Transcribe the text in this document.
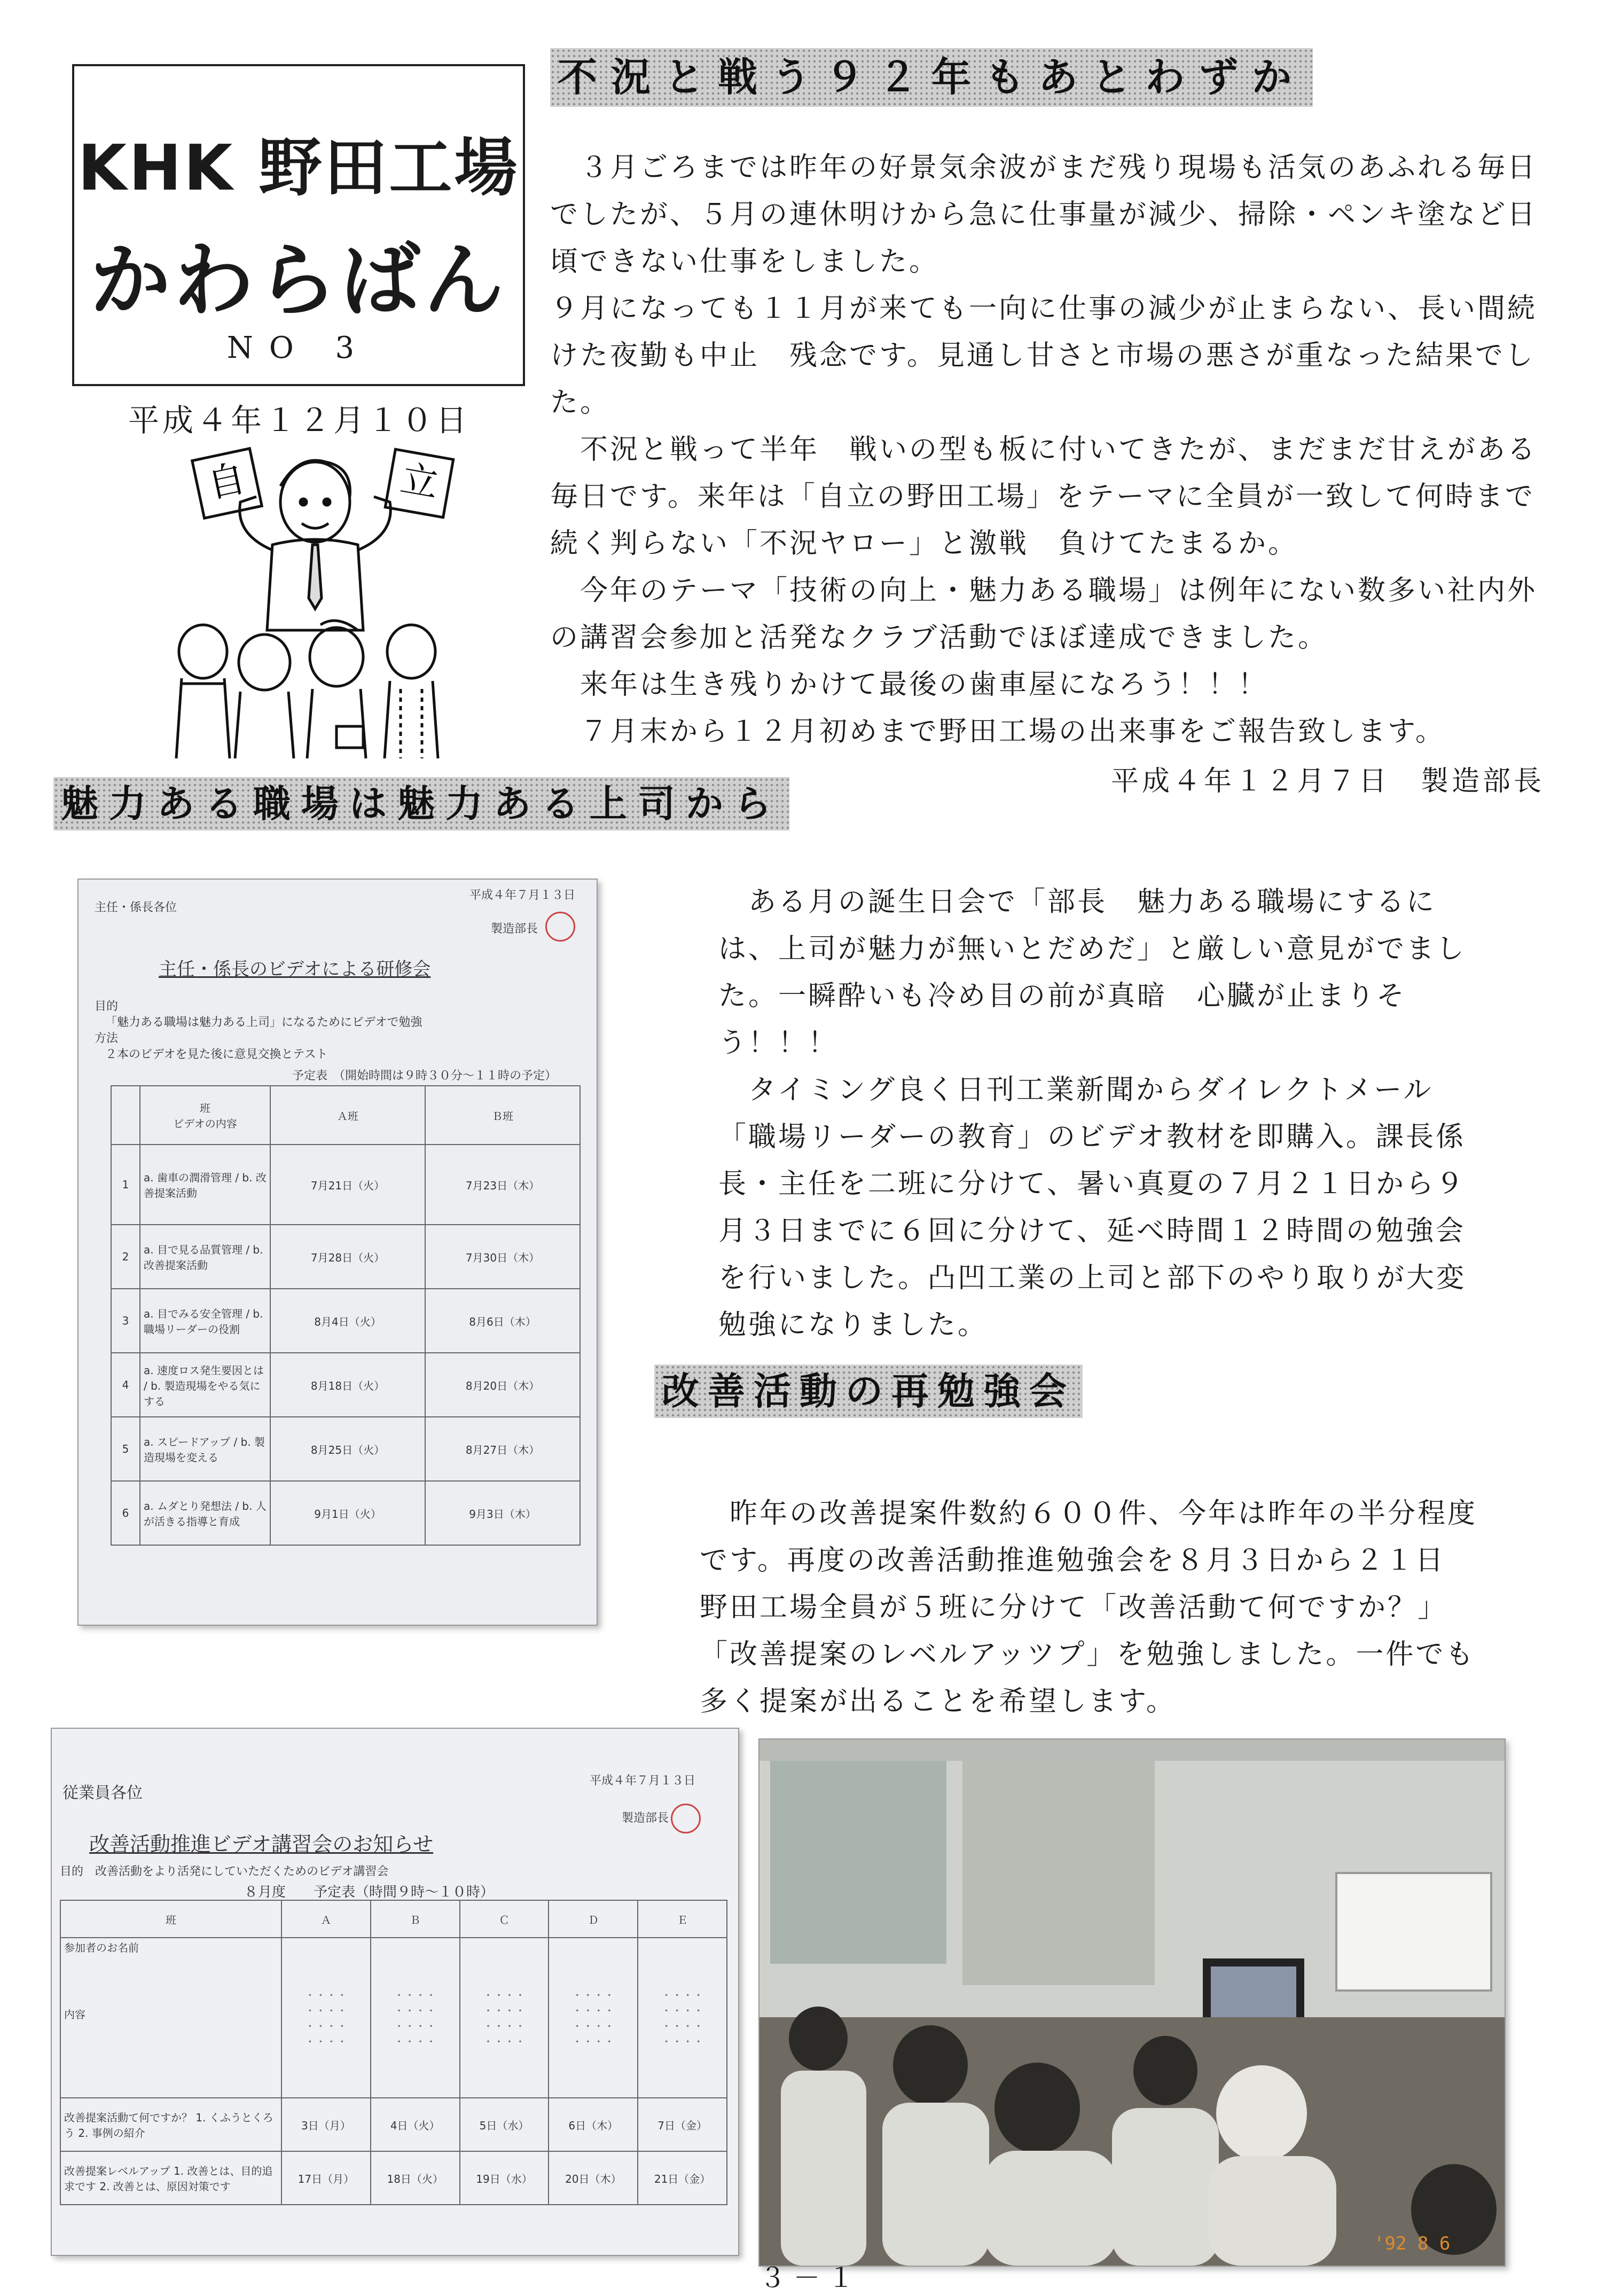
KHK 野田工場
かわらばん
NO 3
平成４年１２月１０日
自	立
不況と戦う９２年もあとわずか

　３月ごろまでは昨年の好景気余波がまだ残り現場も活気のあふれる毎日でしたが、５月の連休明けから急に仕事量が減少、掃除・ペンキ塗など日頃できない仕事をしました。

９月になっても１１月が来ても一向に仕事の減少が止まらない、長い間続けた夜勤も中止　残念です。見通し甘さと市場の悪さが重なった結果でした。

　不況と戦って半年　戦いの型も板に付いてきたが、まだまだ甘えがある毎日です。来年は「自立の野田工場」をテーマに全員が一致して何時まで続く判らない「不況ヤロー」と激戦　負けてたまるか。

　今年のテーマ「技術の向上・魅力ある職場」は例年にない数多い社内外の講習会参加と活発なクラブ活動でほぼ達成できました。

　来年は生き残りかけて最後の歯車屋になろう！！！

　７月末から１２月初めまで野田工場の出来事をご報告致します。

平成４年１２月７日　製造部長
魅力ある職場は魅力ある上司から

　ある月の誕生日会で「部長　魅力ある職場にするには、上司が魅力が無いとだめだ」と厳しい意見がでました。一瞬酔いも冷め目の前が真暗　心臓が止まりそう！！！

　タイミング良く日刊工業新聞からダイレクトメール「職場リーダーの教育」のビデオ教材を即購入。課長係長・主任を二班に分けて、暑い真夏の７月２１日から９月３日までに６回に分けて、延べ時間１２時間の勉強会を行いました。凸凹工業の上司と部下のやり取りが大変勉強になりました。

主任・係長各位
平成４年７月１３日
製造部長
主任・係長のビデオによる研修会
目的
「魅力ある職場は魅力ある上司」になるためにビデオで勉強
方法
２本のビデオを見た後に意見交換とテスト
予定表　（開始時間は９時３０分～１１時の予定）
	班
ビデオの内容	Ａ班	Ｂ班
1	a. 歯車の潤滑管理 / b. 改善提案活動	7月21日（火）	7月23日（木）
2	a. 目で見る品質管理 / b. 改善提案活動	7月28日（火）	7月30日（木）
3	a. 目でみる安全管理 / b. 職場リーダーの役割	8月4日（火）	8月6日（木）
4	a. 速度ロス発生要因とは / b. 製造現場をやる気にする	8月18日（火）	8月20日（木）
5	a. スピードアップ / b. 製造現場を変える	8月25日（火）	8月27日（木）
6	a. ムダとり発想法 / b. 人が活きる指導と育成	9月1日（火）	9月3日（木）
改善活動の再勉強会

　昨年の改善提案件数約６００件、今年は昨年の半分程度です。再度の改善活動推進勉強会を８月３日から２１日　野田工場全員が５班に分けて「改善活動て何ですか？」「改善提案のレベルアッツプ」を勉強しました。一件でも多く提案が出ることを希望します。

従業員各位
平成４年７月１３日
製造部長
改善活動推進ビデオ講習会のお知らせ
目的　改善活動をより活発にしていただくためのビデオ講習会
８月度　　予定表（時間９時～１０時）
班	Ａ	Ｂ	Ｃ	Ｄ	Ｅ
参加者のお名前

内容	・・・・
・・・・
・・・・
・・・・	・・・・
・・・・
・・・・
・・・・	・・・・
・・・・
・・・・
・・・・	・・・・
・・・・
・・・・
・・・・	・・・・
・・・・
・・・・
・・・・
改善提案活動て何ですか？ 1. くふうとくろう 2. 事例の紹介	3日（月）	4日（火）	5日（水）	6日（木）	7日（金）
改善提案レベルアップ 1. 改善とは、目的追求です 2. 改善とは、原因対策です	17日（月）	18日（火）	19日（水）	20日（木）	21日（金）
'92 8 6
３－１
